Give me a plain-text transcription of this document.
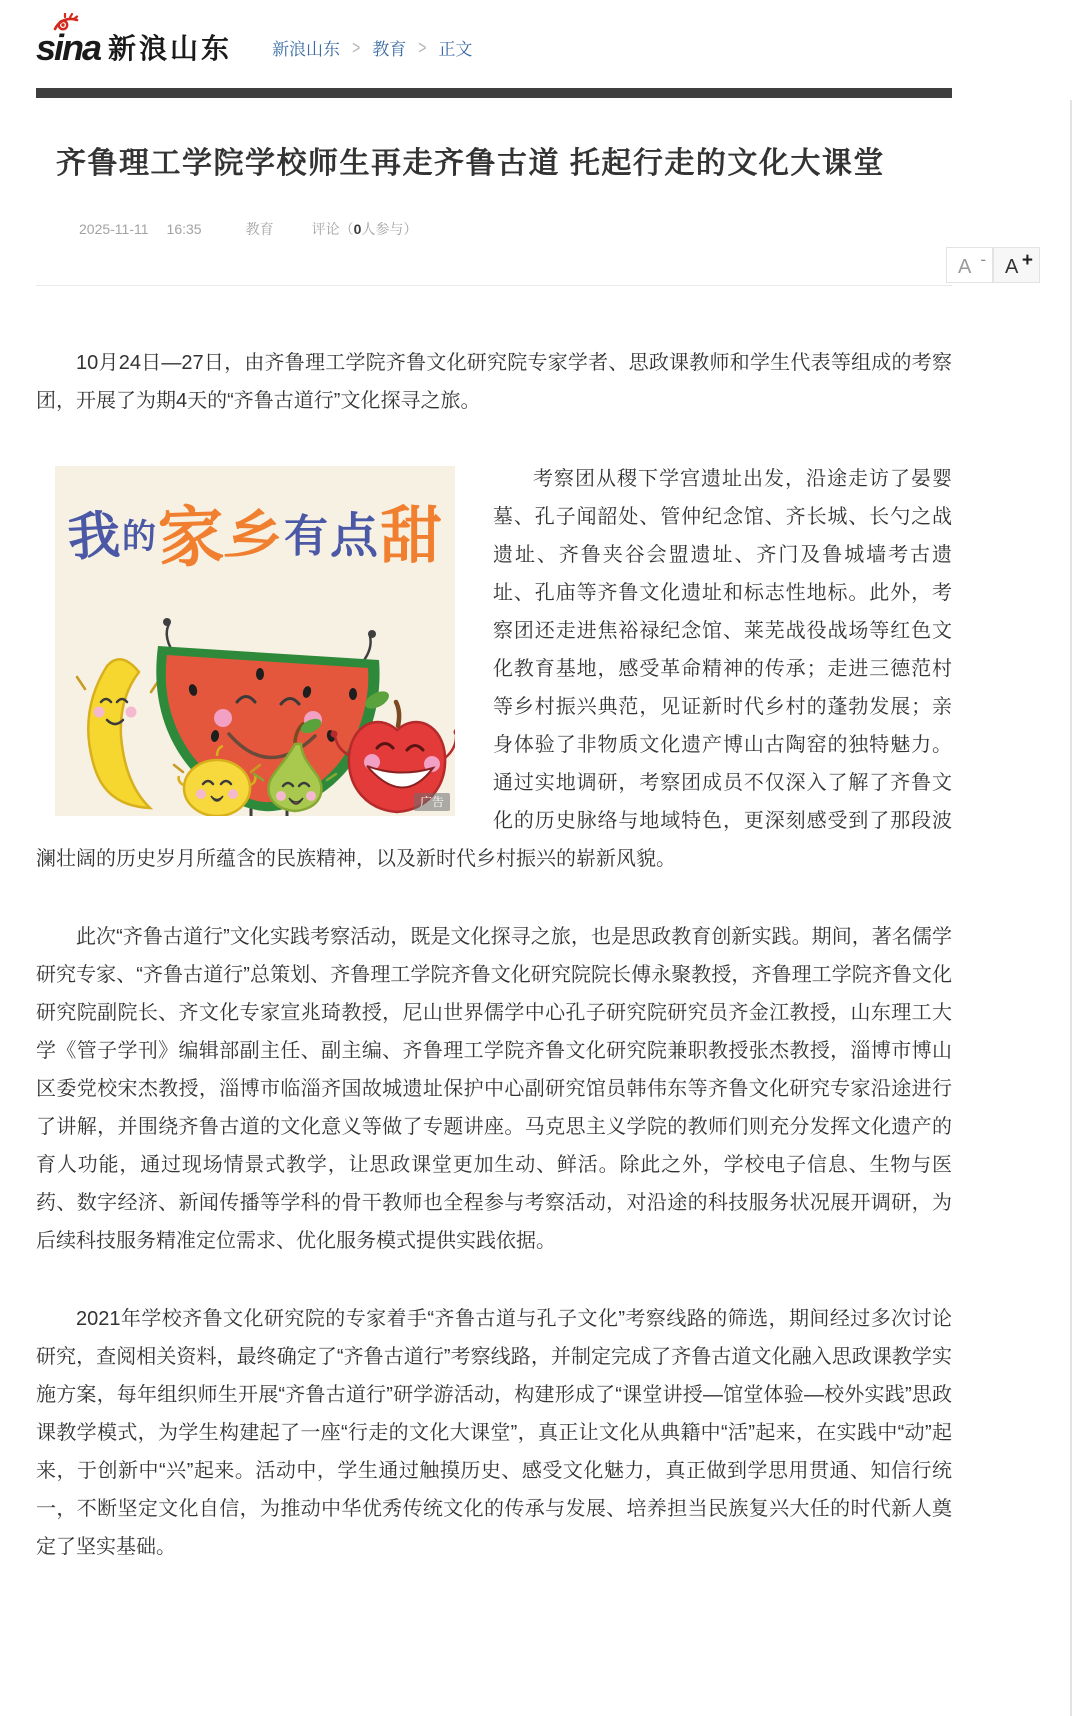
sina 新浪山东 新浪山东 > 教育 > 正文
齐鲁理工学院学校师生再走齐鲁古道 托起行走的文化大课堂
2025-11-11 16:35	教育	评论（0人参与）
A - A +

10月24日—27日，由齐鲁理工学院齐鲁文化研究院专家学者、思政课教师和学生代表等组成的考察团，开展了为期4天的“齐鲁古道行”文化探寻之旅。

我 的 家
乡
有 点 甜
广告
考察团从稷下学宫遗址出发，沿途走访了晏婴墓、孔子闻韶处、管仲纪念馆、齐长城、长勺之战遗址、齐鲁夹谷会盟遗址、齐门及鲁城墙考古遗址、孔庙等齐鲁文化遗址和标志性地标。此外，考察团还走进焦裕禄纪念馆、莱芜战役战场等红色文化教育基地，感受革命精神的传承；走进三德范村等乡村振兴典范，见证新时代乡村的蓬勃发展；亲身体验了非物质文化遗产博山古陶窑的独特魅力。通过实地调研，考察团成员不仅深入了解了齐鲁文化的历史脉络与地域特色，更深刻感受到了那段波澜壮阔的历史岁月所蕴含的民族精神，以及新时代乡村振兴的崭新风貌。

此次“齐鲁古道行”文化实践考察活动，既是文化探寻之旅，也是思政教育创新实践。期间，著名儒学研究专家、“齐鲁古道行”总策划、齐鲁理工学院齐鲁文化研究院院长傅永聚教授，齐鲁理工学院齐鲁文化研究院副院长、齐文化专家宣兆琦教授，尼山世界儒学中心孔子研究院研究员齐金江教授，山东理工大学《管子学刊》编辑部副主任、副主编、齐鲁理工学院齐鲁文化研究院兼职教授张杰教授，淄博市博山区委党校宋杰教授，淄博市临淄齐国故城遗址保护中心副研究馆员韩伟东等齐鲁文化研究专家沿途进行了讲解，并围绕齐鲁古道的文化意义等做了专题讲座。马克思主义学院的教师们则充分发挥文化遗产的育人功能，通过现场情景式教学，让思政课堂更加生动、鲜活。除此之外，学校电子信息、生物与医药、数字经济、新闻传播等学科的骨干教师也全程参与考察活动，对沿途的科技服务状况展开调研，为后续科技服务精准定位需求、优化服务模式提供实践依据。

2021年学校齐鲁文化研究院的专家着手“齐鲁古道与孔子文化”考察线路的筛选，期间经过多次讨论研究，查阅相关资料，最终确定了“齐鲁古道行”考察线路，并制定完成了齐鲁古道文化融入思政课教学实施方案，每年组织师生开展“齐鲁古道行”研学游活动，构建形成了“课堂讲授—馆堂体验—校外实践”思政课教学模式，为学生构建起了一座“行走的文化大课堂”，真正让文化从典籍中“活”起来，在实践中“动”起来，于创新中“兴”起来。活动中，学生通过触摸历史、感受文化魅力，真正做到学思用贯通、知信行统一，不断坚定文化自信，为推动中华优秀传统文化的传承与发展、培养担当民族复兴大任的时代新人奠定了坚实基础。
